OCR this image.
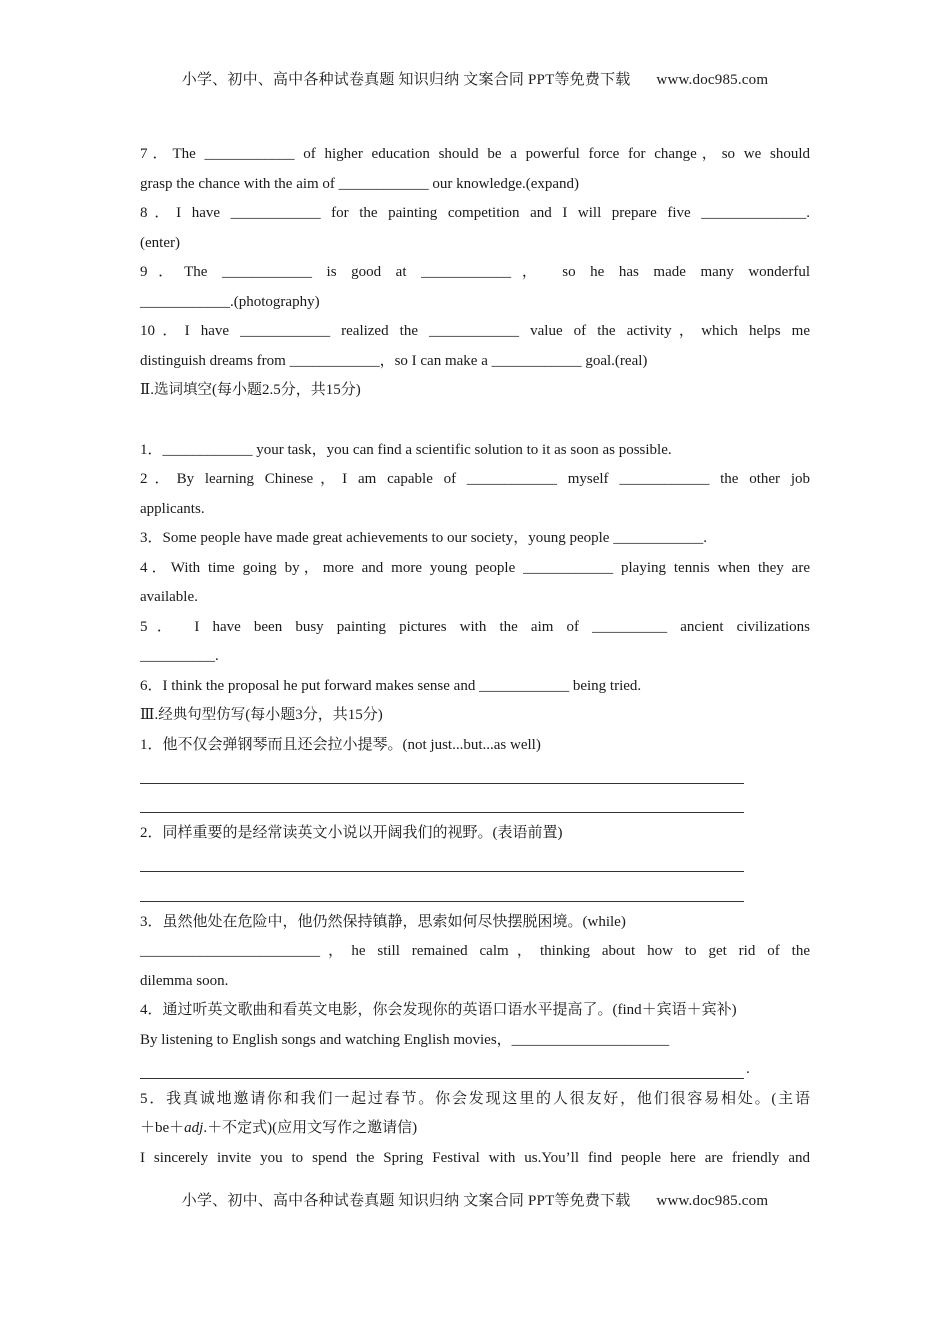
小学、初中、高中各种试卷真题 知识归纳 文案合同 PPT等免费下载 www.doc985.com
7．The ____________ of higher education should be a powerful force for change，so we should
grasp the chance with the aim of ____________ our knowledge.(expand)
8．I have ____________ for the painting competition and I will prepare five ______________.
(enter)
9．The ____________ is good at ____________， so he has made many wonderful
____________.(photography)
10．I have ____________ realized the ____________ value of the activity，which helps me
distinguish dreams from ____________，so I can make a ____________ goal.(real)
Ⅱ.选词填空(每小题2.5分，共15分)
1．____________ your task，you can find a scientific solution to it as soon as possible.
2．By learning Chinese，I am capable of ____________ myself ____________ the other job
applicants.
3．Some people have made great achievements to our society，young people ____________.
4．With time going by，more and more young people ____________ playing tennis when they are
available.
5． I have been busy painting pictures with the aim of __________ ancient civilizations
__________.
6．I think the proposal he put forward makes sense and ____________ being tried.
Ⅲ.经典句型仿写(每小题3分，共15分)
1．他不仅会弹钢琴而且还会拉小提琴。(not just...but...as well)
2．同样重要的是经常读英文小说以开阔我们的视野。(表语前置)
3．虽然他处在危险中，他仍然保持镇静，思索如何尽快摆脱困境。(while)
________________________，he still remained calm，thinking about how to get rid of the
dilemma soon.
4．通过听英文歌曲和看英文电影，你会发现你的英语口语水平提高了。(find＋宾语＋宾补)
By listening to English songs and watching English movies，_____________________
.
5．我真诚地邀请你和我们一起过春节。你会发现这里的人很友好，他们很容易相处。(主语
＋be＋adj.＋不定式)(应用文写作之邀请信)
I sincerely invite you to spend the Spring Festival with us.You’ll find people here are friendly and
小学、初中、高中各种试卷真题 知识归纳 文案合同 PPT等免费下载 www.doc985.com
